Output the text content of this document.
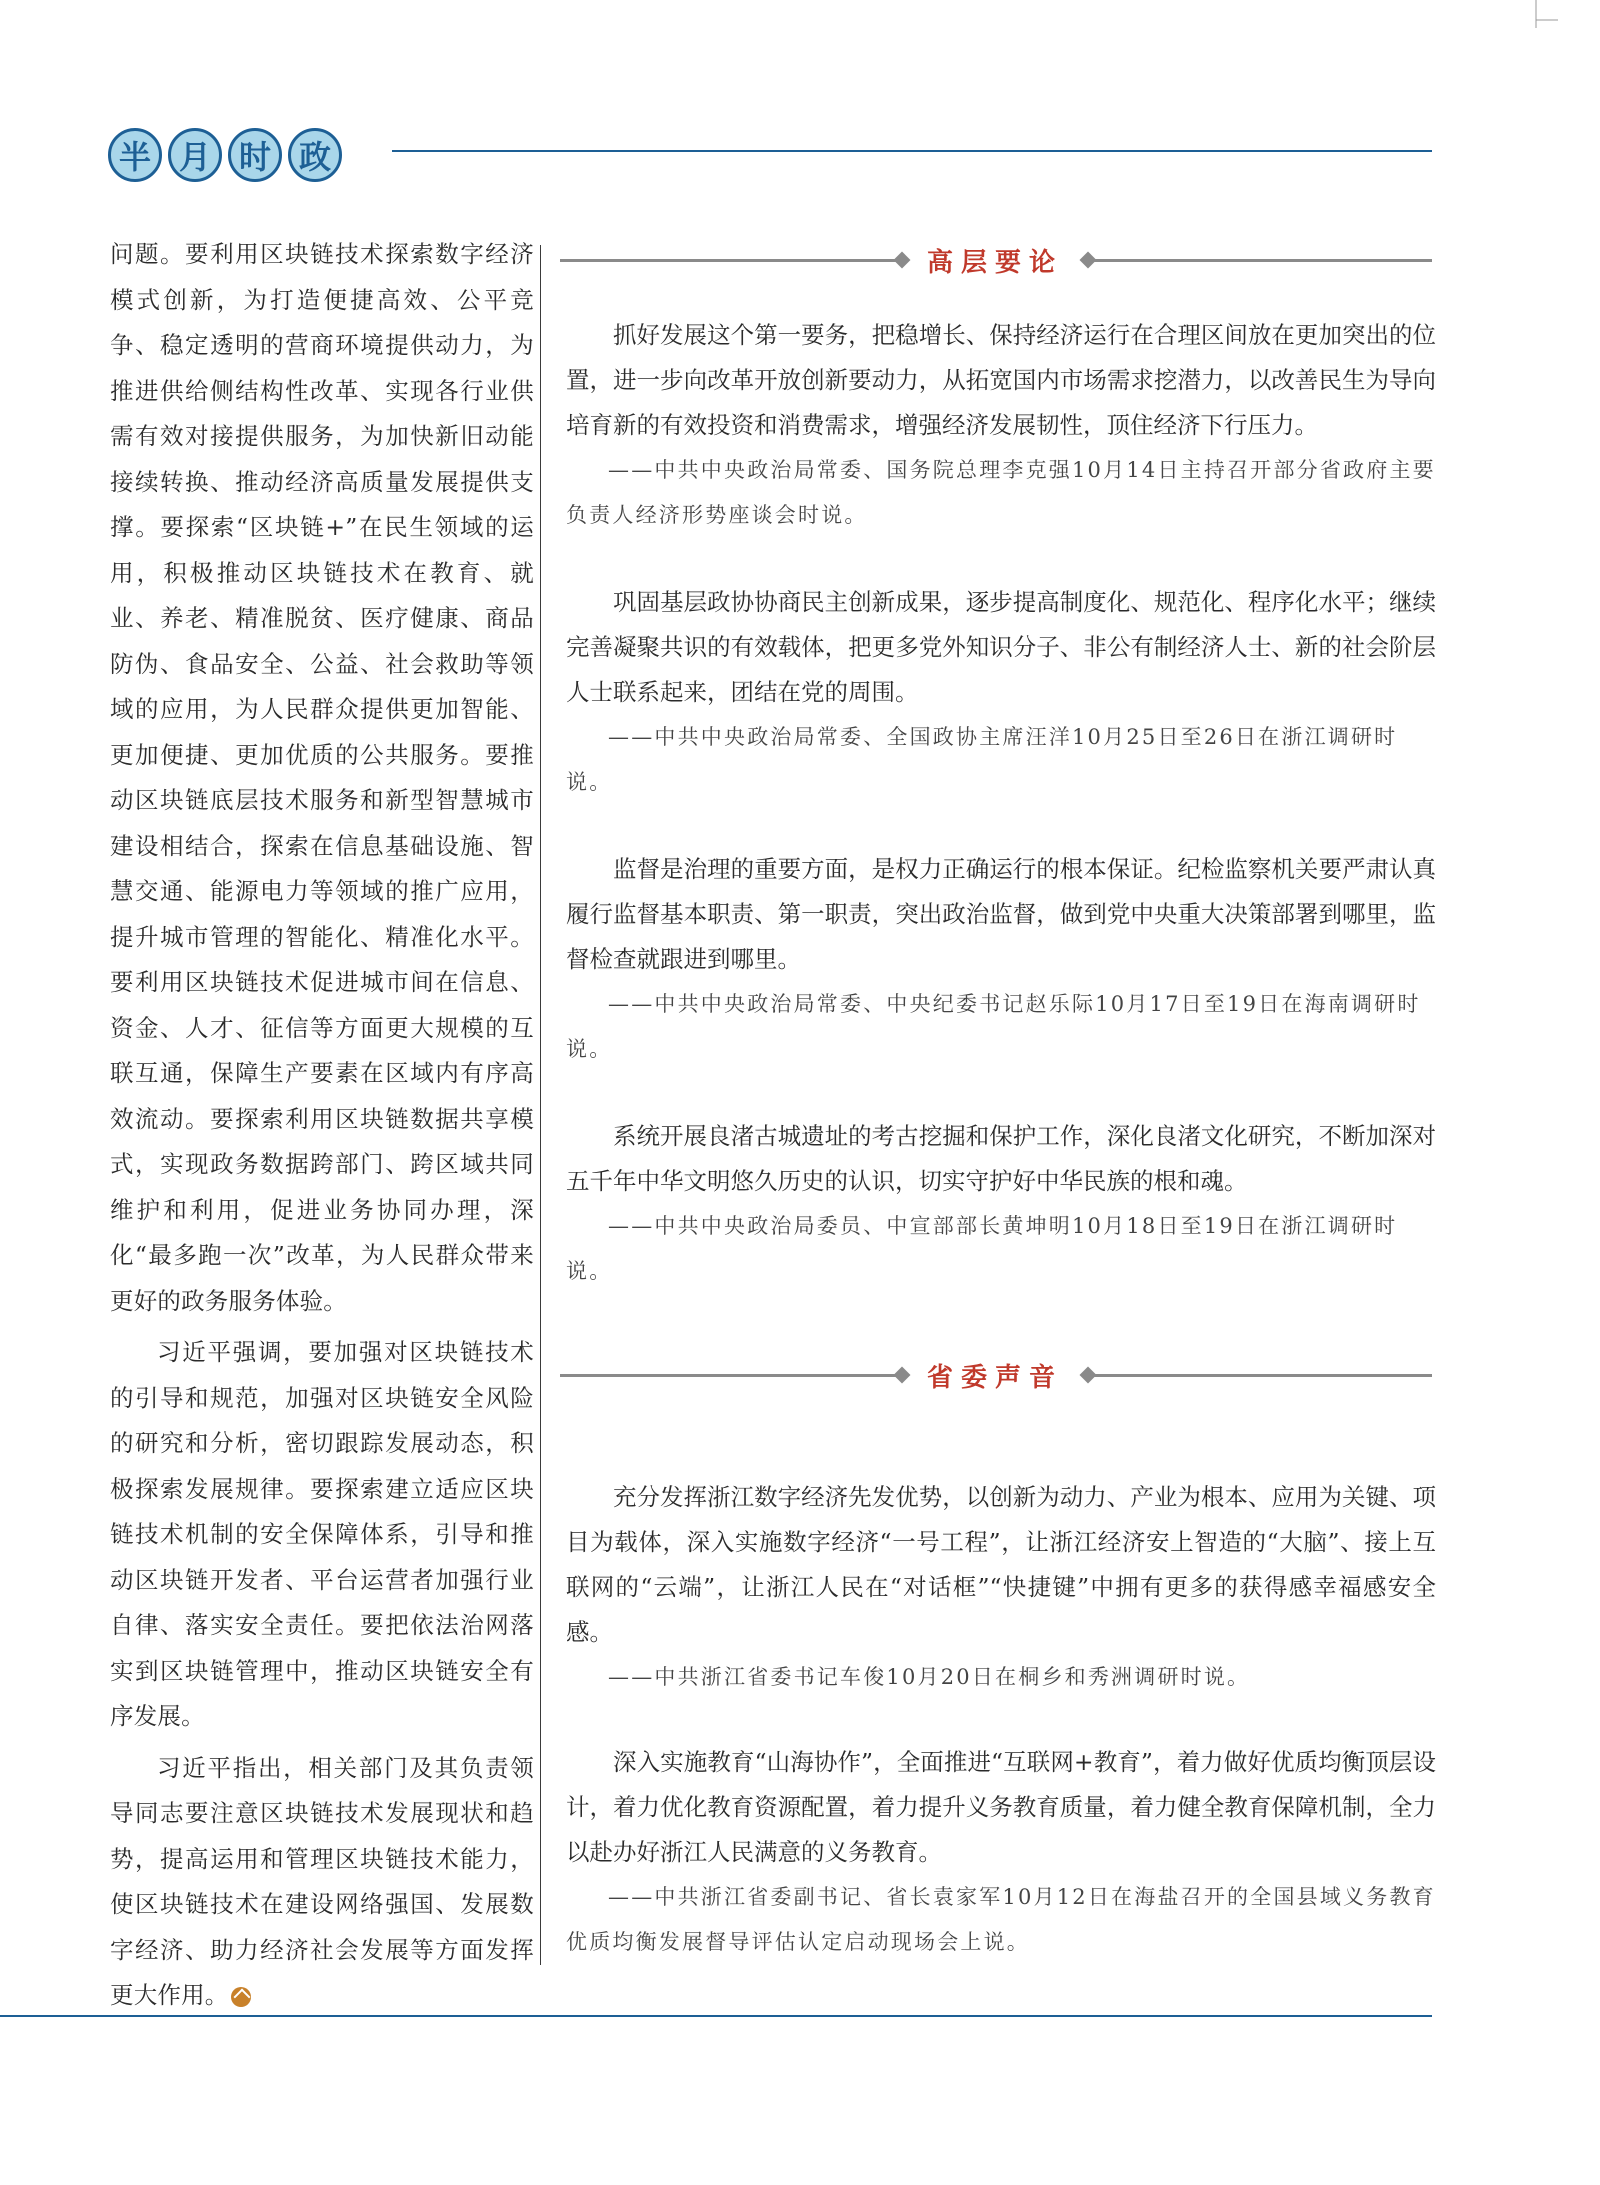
半 月 时 政

问题。要利用区块链技术探索数字经济模式创新，为打造便捷高效、公平竞争、稳定透明的营商环境提供动力，为推进供给侧结构性改革、实现各行业供需有效对接提供服务，为加快新旧动能接续转换、推动经济高质量发展提供支撑。要探索“区块链+”在民生领域的运用，积极推动区块链技术在教育、就业、养老、精准脱贫、医疗健康、商品防伪、食品安全、公益、社会救助等领域的应用，为人民群众提供更加智能、更加便捷、更加优质的公共服务。要推动区块链底层技术服务和新型智慧城市建设相结合，探索在信息基础设施、智慧交通、能源电力等领域的推广应用，提升城市管理的智能化、精准化水平。要利用区块链技术促进城市间在信息、资金、人才、征信等方面更大规模的互联互通，保障生产要素在区域内有序高效流动。要探索利用区块链数据共享模式，实现政务数据跨部门、跨区域共同维护和利用，促进业务协同办理，深化“最多跑一次”改革，为人民群众带来更好的政务服务体验。

习近平强调，要加强对区块链技术的引导和规范，加强对区块链安全风险的研究和分析，密切跟踪发展动态，积极探索发展规律。要探索建立适应区块链技术机制的安全保障体系，引导和推动区块链开发者、平台运营者加强行业自律、落实安全责任。要把依法治网落实到区块链管理中，推动区块链安全有序发展。

习近平指出，相关部门及其负责领导同志要注意区块链技术发展现状和趋势，提高运用和管理区块链技术能力，使区块链技术在建设网络强国、发展数字经济、助力经济社会发展等方面发挥更大作用。

高层要论

抓好发展这个第一要务，把稳增长、保持经济运行在合理区间放在更加突出的位置，进一步向改革开放创新要动力，从拓宽国内市场需求挖潜力，以改善民生为导向培育新的有效投资和消费需求，增强经济发展韧性，顶住经济下行压力。

——中共中央政治局常委、国务院总理李克强10月14日主持召开部分省政府主要负责人经济形势座谈会时说。

巩固基层政协协商民主创新成果，逐步提高制度化、规范化、程序化水平；继续完善凝聚共识的有效载体，把更多党外知识分子、非公有制经济人士、新的社会阶层人士联系起来，团结在党的周围。

——中共中央政治局常委、全国政协主席汪洋10月25日至26日在浙江调研时说。

监督是治理的重要方面，是权力正确运行的根本保证。纪检监察机关要严肃认真履行监督基本职责、第一职责，突出政治监督，做到党中央重大决策部署到哪里，监督检查就跟进到哪里。

——中共中央政治局常委、中央纪委书记赵乐际10月17日至19日在海南调研时说。

系统开展良渚古城遗址的考古挖掘和保护工作，深化良渚文化研究，不断加深对五千年中华文明悠久历史的认识，切实守护好中华民族的根和魂。

——中共中央政治局委员、中宣部部长黄坤明10月18日至19日在浙江调研时说。

省委声音

充分发挥浙江数字经济先发优势，以创新为动力、产业为根本、应用为关键、项目为载体，深入实施数字经济“一号工程”，让浙江经济安上智造的“大脑”、接上互联网的“云端”，让浙江人民在“对话框”“快捷键”中拥有更多的获得感幸福感安全感。

——中共浙江省委书记车俊10月20日在桐乡和秀洲调研时说。

深入实施教育“山海协作”，全面推进“互联网+教育”，着力做好优质均衡顶层设计，着力优化教育资源配置，着力提升义务教育质量，着力健全教育保障机制，全力以赴办好浙江人民满意的义务教育。

——中共浙江省委副书记、省长袁家军10月12日在海盐召开的全国县域义务教育优质均衡发展督导评估认定启动现场会上说。
